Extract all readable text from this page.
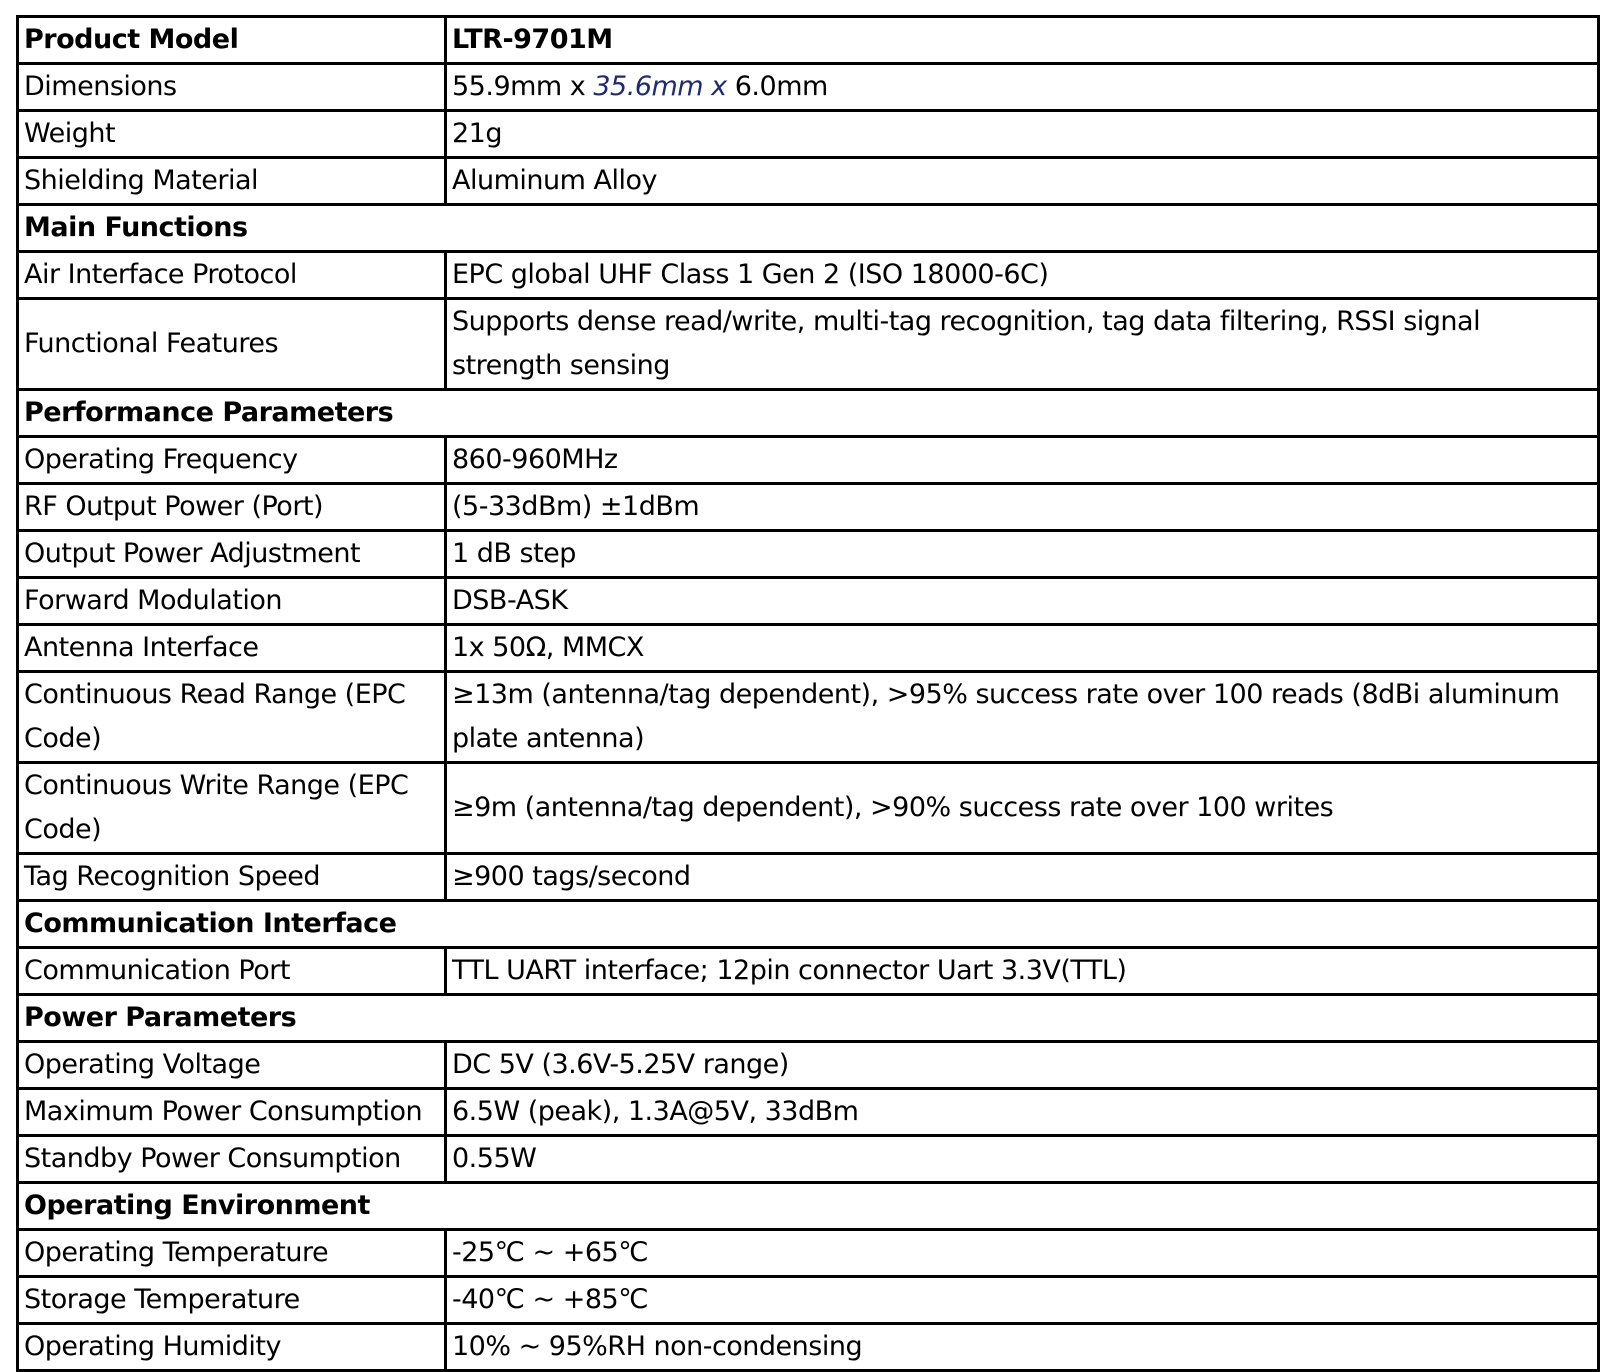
Product Model	LTR-9701M
Dimensions	55.9mm x 35.6mm x 6.0mm
Weight	21g
Shielding Material	Aluminum Alloy
Main Functions	
Air Interface Protocol	EPC global UHF Class 1 Gen 2 (ISO 18000-6C)
Functional Features	Supports dense read/write, multi-tag recognition, tag data filtering, RSSI signal strength sensing
Performance Parameters	
Operating Frequency	860-960MHz
RF Output Power (Port)	(5-33dBm) ±1dBm
Output Power Adjustment	1 dB step
Forward Modulation	DSB-ASK
Antenna Interface	1x 50Ω, MMCX
Continuous Read Range (EPC Code)	≥13m (antenna/tag dependent), >95% success rate over 100 reads (8dBi aluminum plate antenna)
Continuous Write Range (EPC Code)	≥9m (antenna/tag dependent), >90% success rate over 100 writes
Tag Recognition Speed	≥900 tags/second
Communication Interface	
Communication Port	TTL UART interface; 12pin connector Uart 3.3V(TTL)
Power Parameters	
Operating Voltage	DC 5V (3.6V-5.25V range)
Maximum Power Consumption	6.5W (peak), 1.3A@5V, 33dBm
Standby Power Consumption	0.55W
Operating Environment	
Operating Temperature	-25℃ ~ +65℃
Storage Temperature	-40℃ ~ +85℃
Operating Humidity	10% ~ 95%RH non-condensing
